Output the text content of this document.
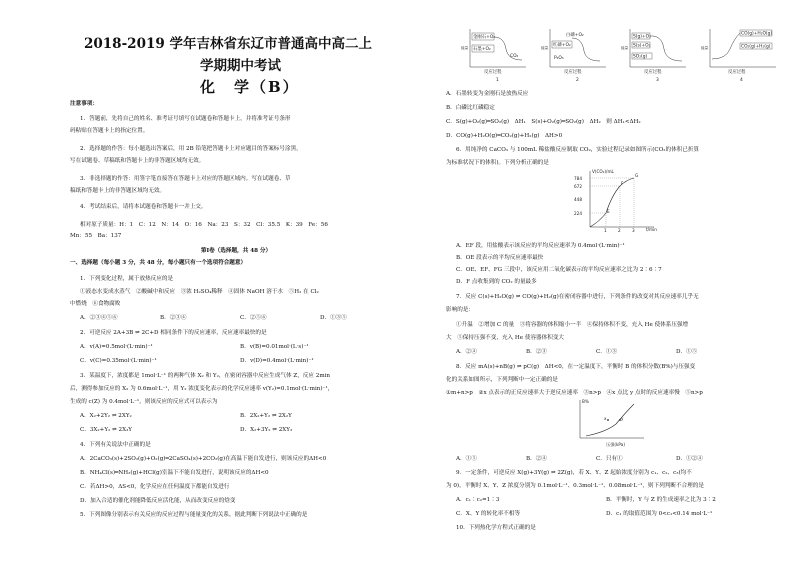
2018-2019 学年吉林省东辽市普通高中高二上
学期期中考试
化　学（B）
注意事项：
1．答题前，先将自己的姓名、准考证号填写在试题卷和答题卡上，并将准考证号条形
码粘贴在答题卡上的指定位置。
2．选择题的作答：每小题选出答案后，用 2B 铅笔把答题卡上对应题目的答案标号涂黑，
写在试题卷、草稿纸和答题卡上的非答题区域均无效。
3．非选择题的作答：用签字笔直接答在答题卡上对应的答题区域内。写在试题卷、草
稿纸和答题卡上的非答题区域均无效。
4．考试结束后，请将本试题卷和答题卡一并上交。
相对原子质量：H：1　C：12　N：14　O：16　Na：23　S：32　Cl：35.5　K：39　Fe：56
Mn：55　Ba：137
第Ⅰ卷（选择题，共 48 分）
一、选择题（每小题 3 分，共 48 分，每小题只有一个选项符合题意）
1．下列变化过程，属于放热反应的是
①液态水变成水蒸气　②酸碱中和反应　③浓 H₂SO₄稀释　④固体 NaOH 溶于水　⑤H₂ 在 Cl₂
中燃烧　⑥食物腐败
A．②③④⑤⑥	B．②③④	C．②⑤⑥	D．①③⑤
2．可逆反应 2A+3B ⇌ 2C+D 相同条件下的反应速率，反应速率最快的是
A．v(A)=0.5mol·(L·min)⁻¹	B．v(B)=0.01mol·(L·s)⁻¹
C．v(C)=0.35mol·(L·min)⁻¹	D．v(D)=0.4mol·(L·min)⁻¹
3．某温度下，浓度都是 1mol·L⁻¹ 的两种气体 X₂ 和 Y₂，在密闭容器中反应生成气体 Z，反应 2min
后，测得参加反应的 X₂ 为 0.6mol·L⁻¹，用 Y₂ 浓度变化表示的化学反应速率 v(Y₂)=0.1mol·(L·min)⁻¹，
生成的 c(Z) 为 0.4mol·L⁻¹，则该反应的反应式可以表示为
A．X₂+2Y₂ ⇌ 2XY₂	B．2X₂+Y₂ ⇌ 2X₂Y
C．3X₂+Y₂ ⇌ 2X₃Y	D．X₂+3Y₂ ⇌ 2XY₃
4．下列有关说法中正确的是
A．2CaCO₃(s)+2SO₂(g)+O₂(g)═2CaSO₄(s)+2CO₂(g)在高温下能自发进行，则该反应的ΔH<0
B．NH₄Cl(s)═NH₃(g)+HCl(g)室温下不能自发进行，说明该反应的ΔH<0
C．若ΔH>0，ΔS<0，化学反应在任何温度下都能自发进行
D．加入合适的催化剂能降低反应活化能，从而改变反应的焓变
5．下列图像分别表示有关反应的反应过程与能量变化的关系，据此判断下列说法中正确的是
金刚石+O₂
石墨+O₂
CO₂
能量
反应过程
1
白磷+O₂
红磷+O₂
P₂O₅
能量
反应过程
2
S(g)+O₂
S(s)+O₂
SO₂(g)
能量
反应过程
3
CO(g)+H₂O(g)
CO₂(g)+H₂(g)
能量
反应过程
4
A．石墨转变为金刚石是放热反应
B．白磷比红磷稳定
C．S(g)+O₂(g)═SO₂(g)　ΔH₁　S(s)+O₂(g)═SO₂(g)　ΔH₂　则 ΔH₁<ΔH₂
D．CO(g)+H₂O(g)═CO₂(g)+H₂(g)　ΔH>0
6．用纯净的 CaCO₃ 与 100mL 稀盐酸反应制取 CO₂，实验过程记录如图所示(CO₂的体积已折算
为标准状况下的体积)。下列分析正确的是
V(CO₂)/mL
t/min
784
672
448
224
1	2	3
E
F
G
A．EF 段，用盐酸表示该反应的平均反应速率为 0.4mol·(L·min)⁻¹
B．OE 段表示的平均反应速率最快
C．OE、EF、FG 三段中，该反应用二氧化碳表示的平均反应速率之比为 2∶6∶7
D．F 点收集到的 CO₂ 的量最多
7．反应 C(s)+H₂O(g) ⇌ CO(g)+H₂(g)在密闭容器中进行，下列条件的改变对其反应速率几乎无
影响的是：
①升温　②增加 C 的量　③将容器的体积缩小一半　④保持体积不变，充入 He 使体系压强增
大　⑤保持压强不变，充入 He 使容器体积变大
A．②④	B．②③	C．①③	D．①⑤
8．反应 mA(s)+nB(g) ⇌ pC(g)　ΔH<0，在一定温度下，平衡时 B 的体积分数(B%)与压强变
化的关系如图所示，下列判断中一定正确的是
①m+n>p　②x 点表示的正反应速率大于逆反应速率　③n>p　④x 点比 y 点时的反应速率慢　⑤n>p
B%
压强(kPa)
x	y
A．①⑤	B．②④	C．只有①	D．①②④
9．一定条件，可逆反应 X(g)+3Y(g) ⇌ 2Z(g)，若 X、Y、Z 起始浓度分别为 c₁、c₂、c₃(均不
为 0)，平衡时 X、Y、Z 浓度分别为 0.1mol·L⁻¹、0.3mol·L⁻¹、0.08mol·L⁻¹，则下列判断不合理的是
A．c₁∶c₂=1∶3	B．平衡时，Y 与 Z 的生成速率之比为 3∶2
C．X、Y 的转化率不相等	D．c₁ 的取值范围为 0<c₁<0.14 mol·L⁻¹
10．下列热化学方程式正确的是
